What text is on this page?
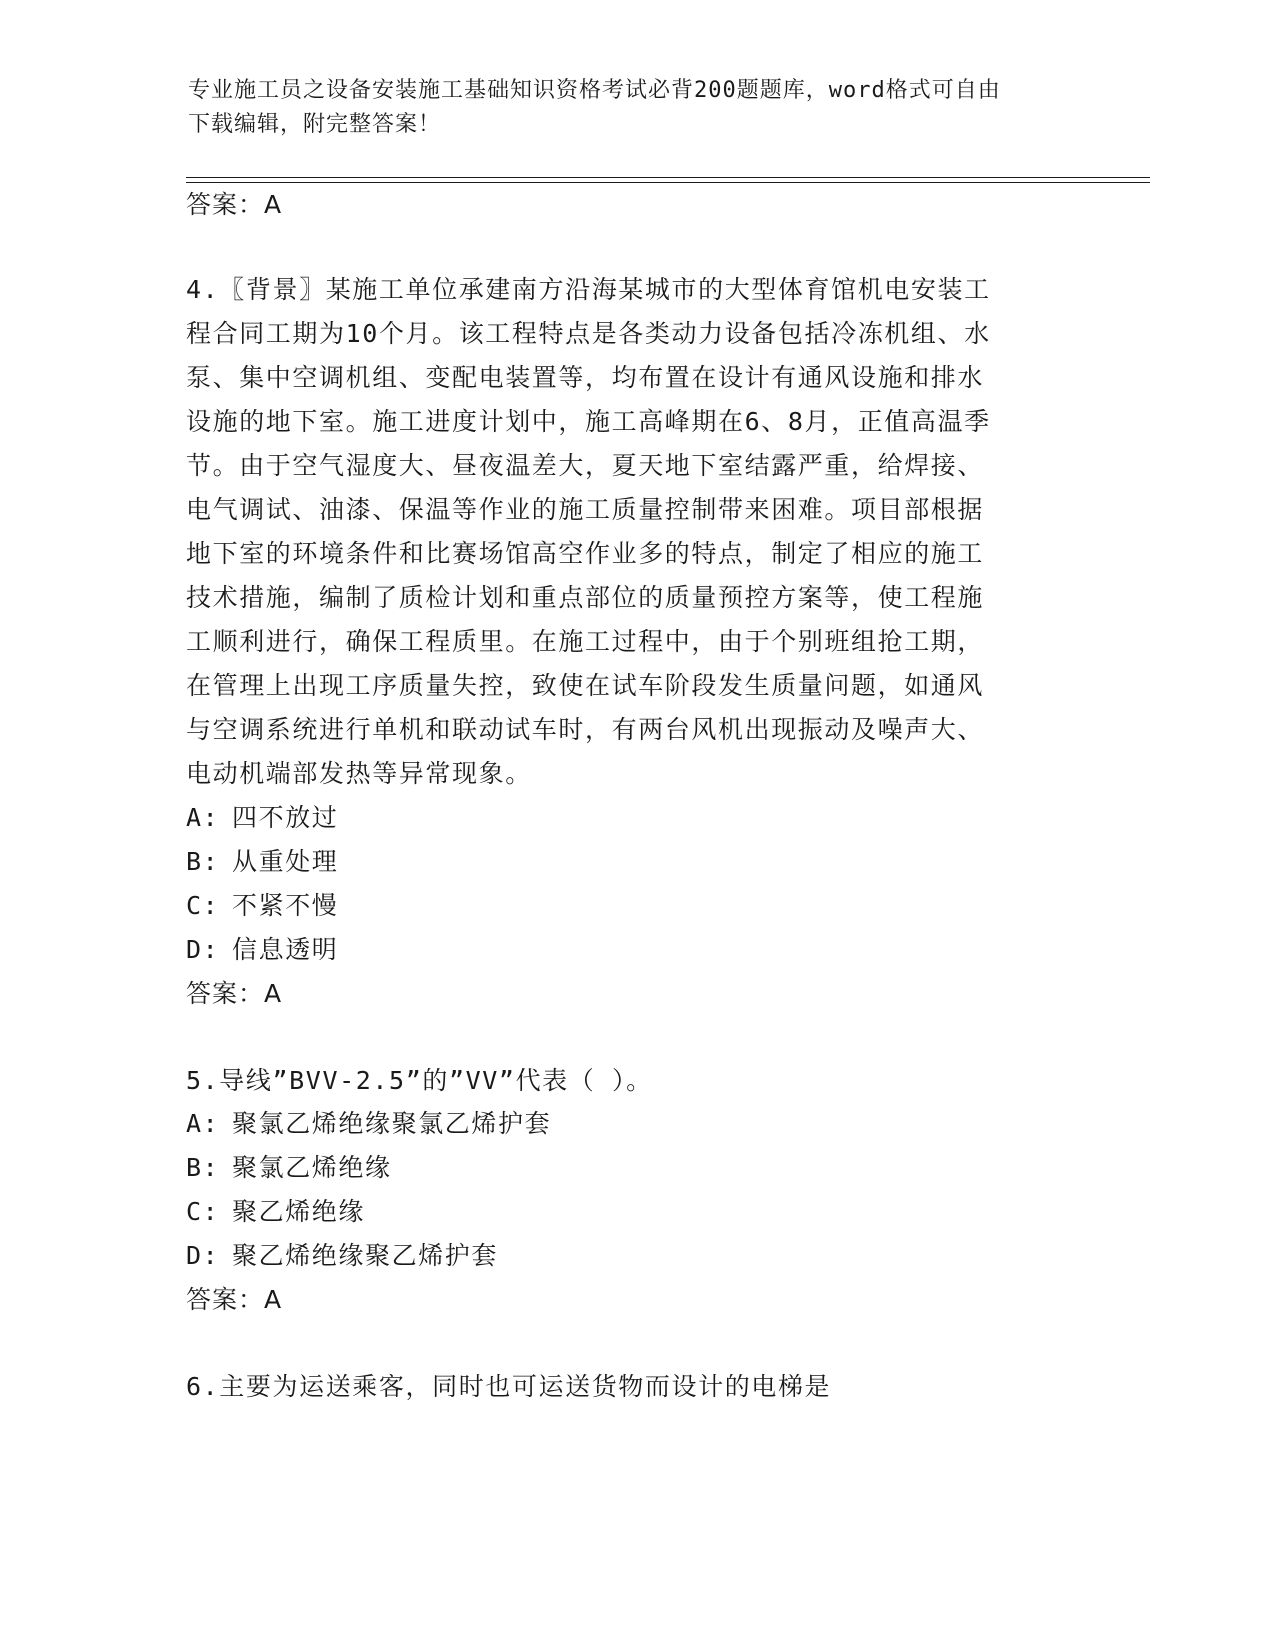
专业施工员之设备安装施工基础知识资格考试必背200题题库，word格式可自由
下载编辑，附完整答案！
答案：A
4.〖背景〗某施工单位承建南方沿海某城市的大型体育馆机电安装工
程合同工期为10个月。该工程特点是各类动力设备包括冷冻机组、水
泵、集中空调机组、变配电装置等，均布置在设计有通风设施和排水
设施的地下室。施工进度计划中，施工高峰期在6、8月，正值高温季
节。由于空气湿度大、昼夜温差大，夏天地下室结露严重，给焊接、
电气调试、油漆、保温等作业的施工质量控制带来困难。项目部根据
地下室的环境条件和比赛场馆高空作业多的特点，制定了相应的施工
技术措施，编制了质检计划和重点部位的质量预控方案等，使工程施
工顺利进行，确保工程质里。在施工过程中，由于个别班组抢工期，
在管理上出现工序质量失控，致使在试车阶段发生质量问题，如通风
与空调系统进行单机和联动试车时，有两台风机出现振动及噪声大、
电动机端部发热等异常现象。
A: 四不放过
B: 从重处理
C: 不紧不慢
D: 信息透明
答案：A
5.导线”BVV-2.5”的”VV”代表（ ）。
A: 聚氯乙烯绝缘聚氯乙烯护套
B: 聚氯乙烯绝缘
C: 聚乙烯绝缘
D: 聚乙烯绝缘聚乙烯护套
答案：A
6.主要为运送乘客，同时也可运送货物而设计的电梯是
